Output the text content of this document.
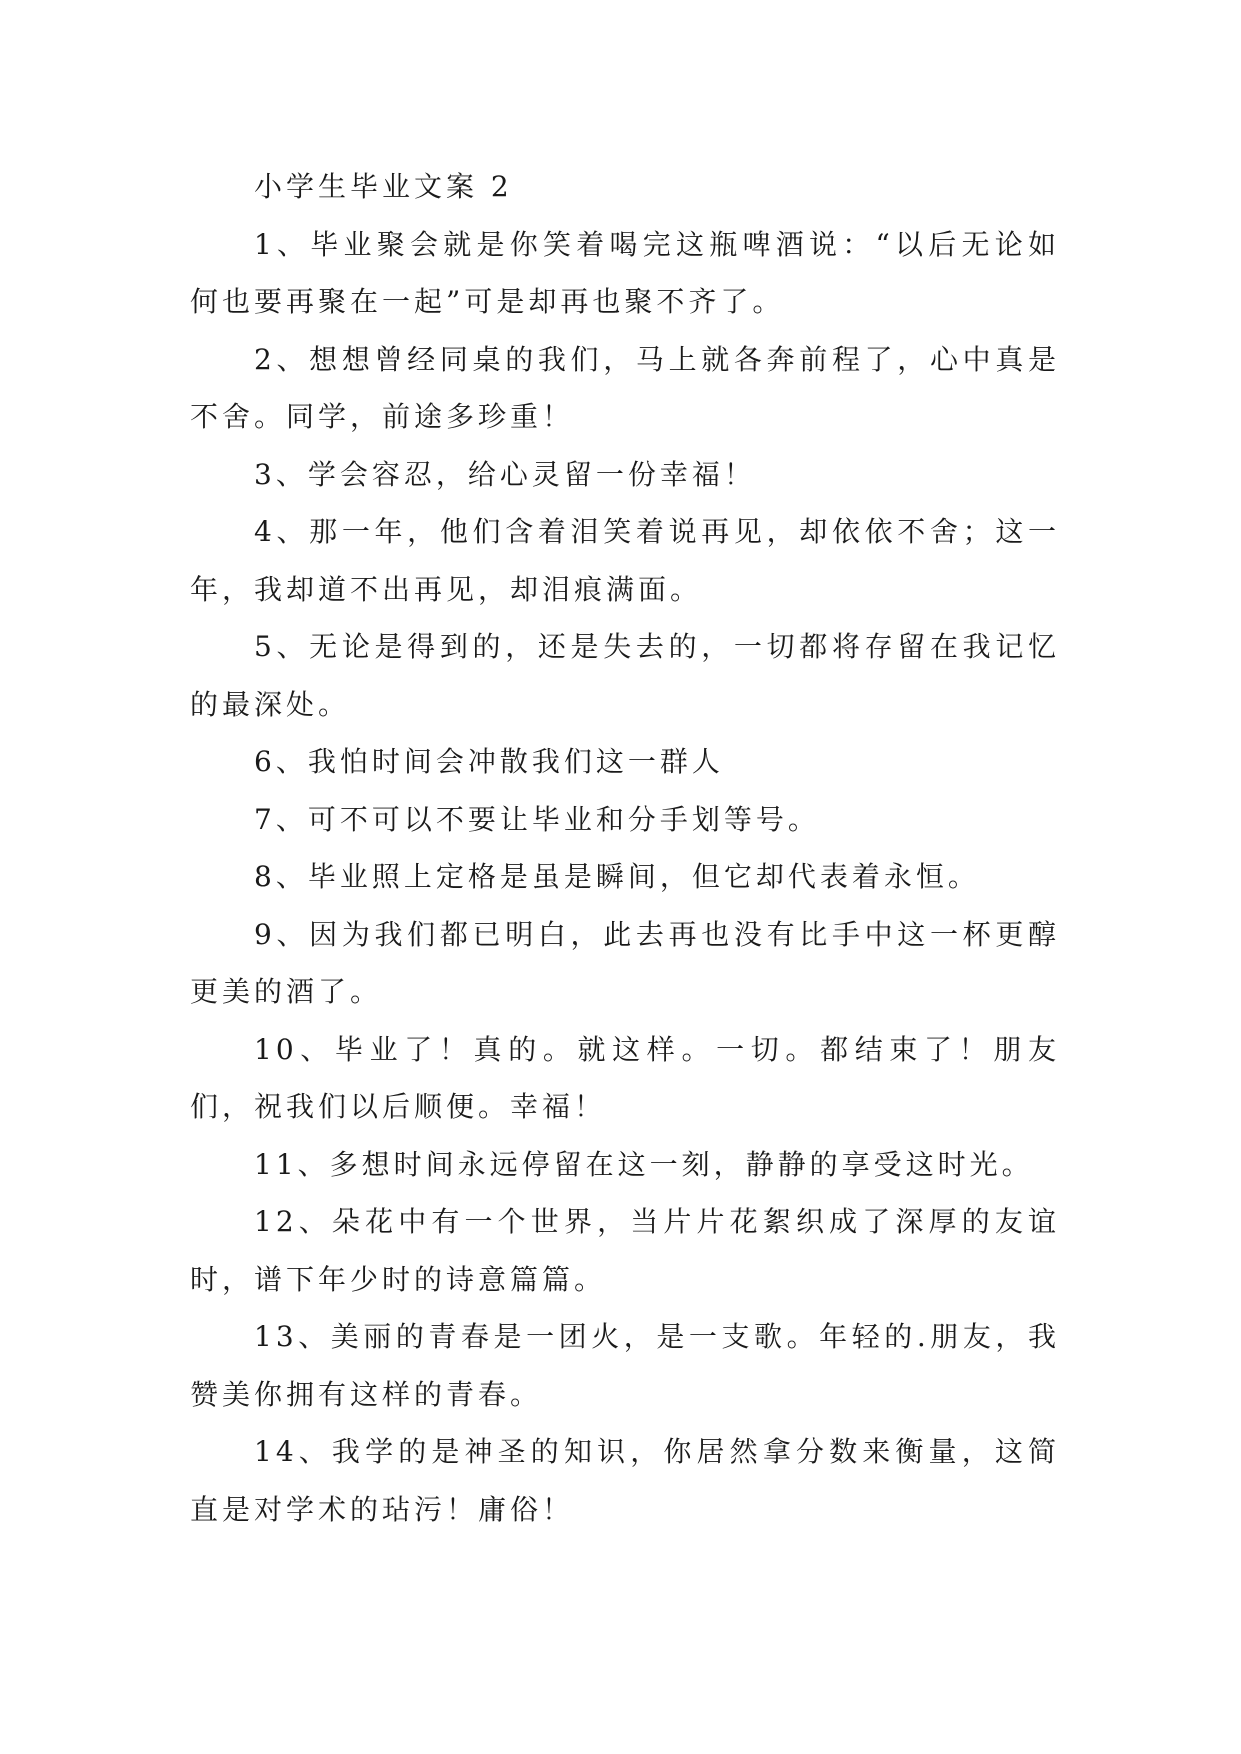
小学生毕业文案 2

1、毕业聚会就是你笑着喝完这瓶啤酒说：“以后无论如何也要再聚在一起”可是却再也聚不齐了。

2、想想曾经同桌的我们，马上就各奔前程了，心中真是不舍。同学，前途多珍重！

3、学会容忍，给心灵留一份幸福！

4、那一年，他们含着泪笑着说再见，却依依不舍；这一年，我却道不出再见，却泪痕满面。

5、无论是得到的，还是失去的，一切都将存留在我记忆的最深处。

6、我怕时间会冲散我们这一群人

7、可不可以不要让毕业和分手划等号。

8、毕业照上定格是虽是瞬间，但它却代表着永恒。

9、因为我们都已明白，此去再也没有比手中这一杯更醇更美的酒了。

10、毕业了！真的。就这样。一切。都结束了！朋友们，祝我们以后顺便。幸福！

11、多想时间永远停留在这一刻，静静的享受这时光。

12、朵花中有一个世界，当片片花絮织成了深厚的友谊时，谱下年少时的诗意篇篇。

13、美丽的青春是一团火，是一支歌。年轻的.朋友，我赞美你拥有这样的青春。

14、我学的是神圣的知识，你居然拿分数来衡量，这简直是对学术的玷污！庸俗！
